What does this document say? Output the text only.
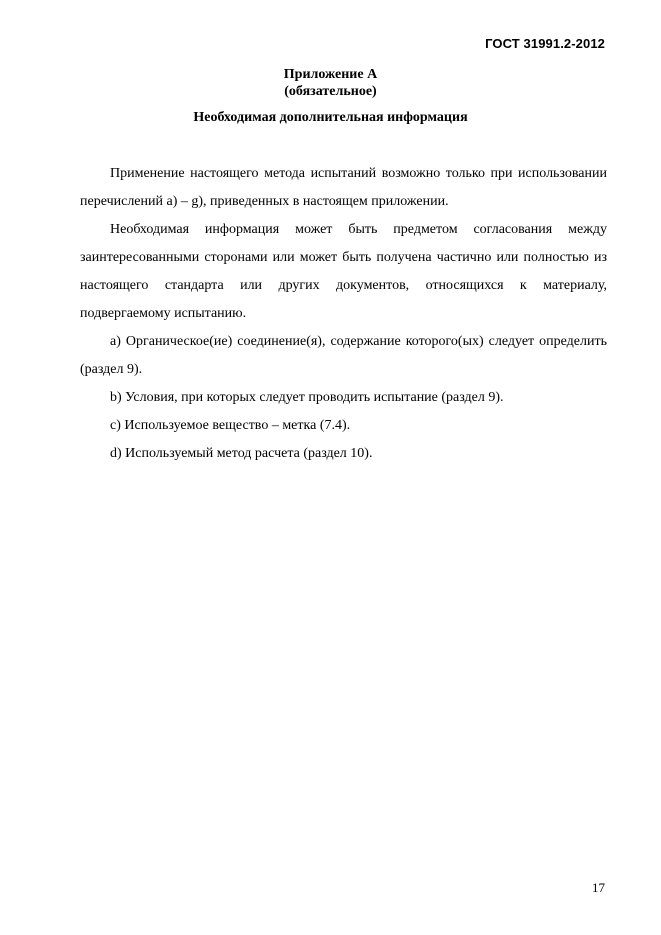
ГОСТ 31991.2-2012
Приложение А
(обязательное)
Необходимая дополнительная информация

Применение настоящего метода испытаний возможно только при использовании перечислений a) – g), приведенных в настоящем приложении.

Необходимая информация может быть предметом согласования между заинтересованными сторонами или может быть получена частично или полностью из настоящего стандарта или других документов, относящихся к материалу, подвергаемому испытанию.

a) Органическое(ие) соединение(я), содержание которого(ых) следует определить (раздел 9).

b) Условия, при которых следует проводить испытание (раздел 9).

c) Используемое вещество – метка (7.4).

d) Используемый метод расчета (раздел 10).

17
